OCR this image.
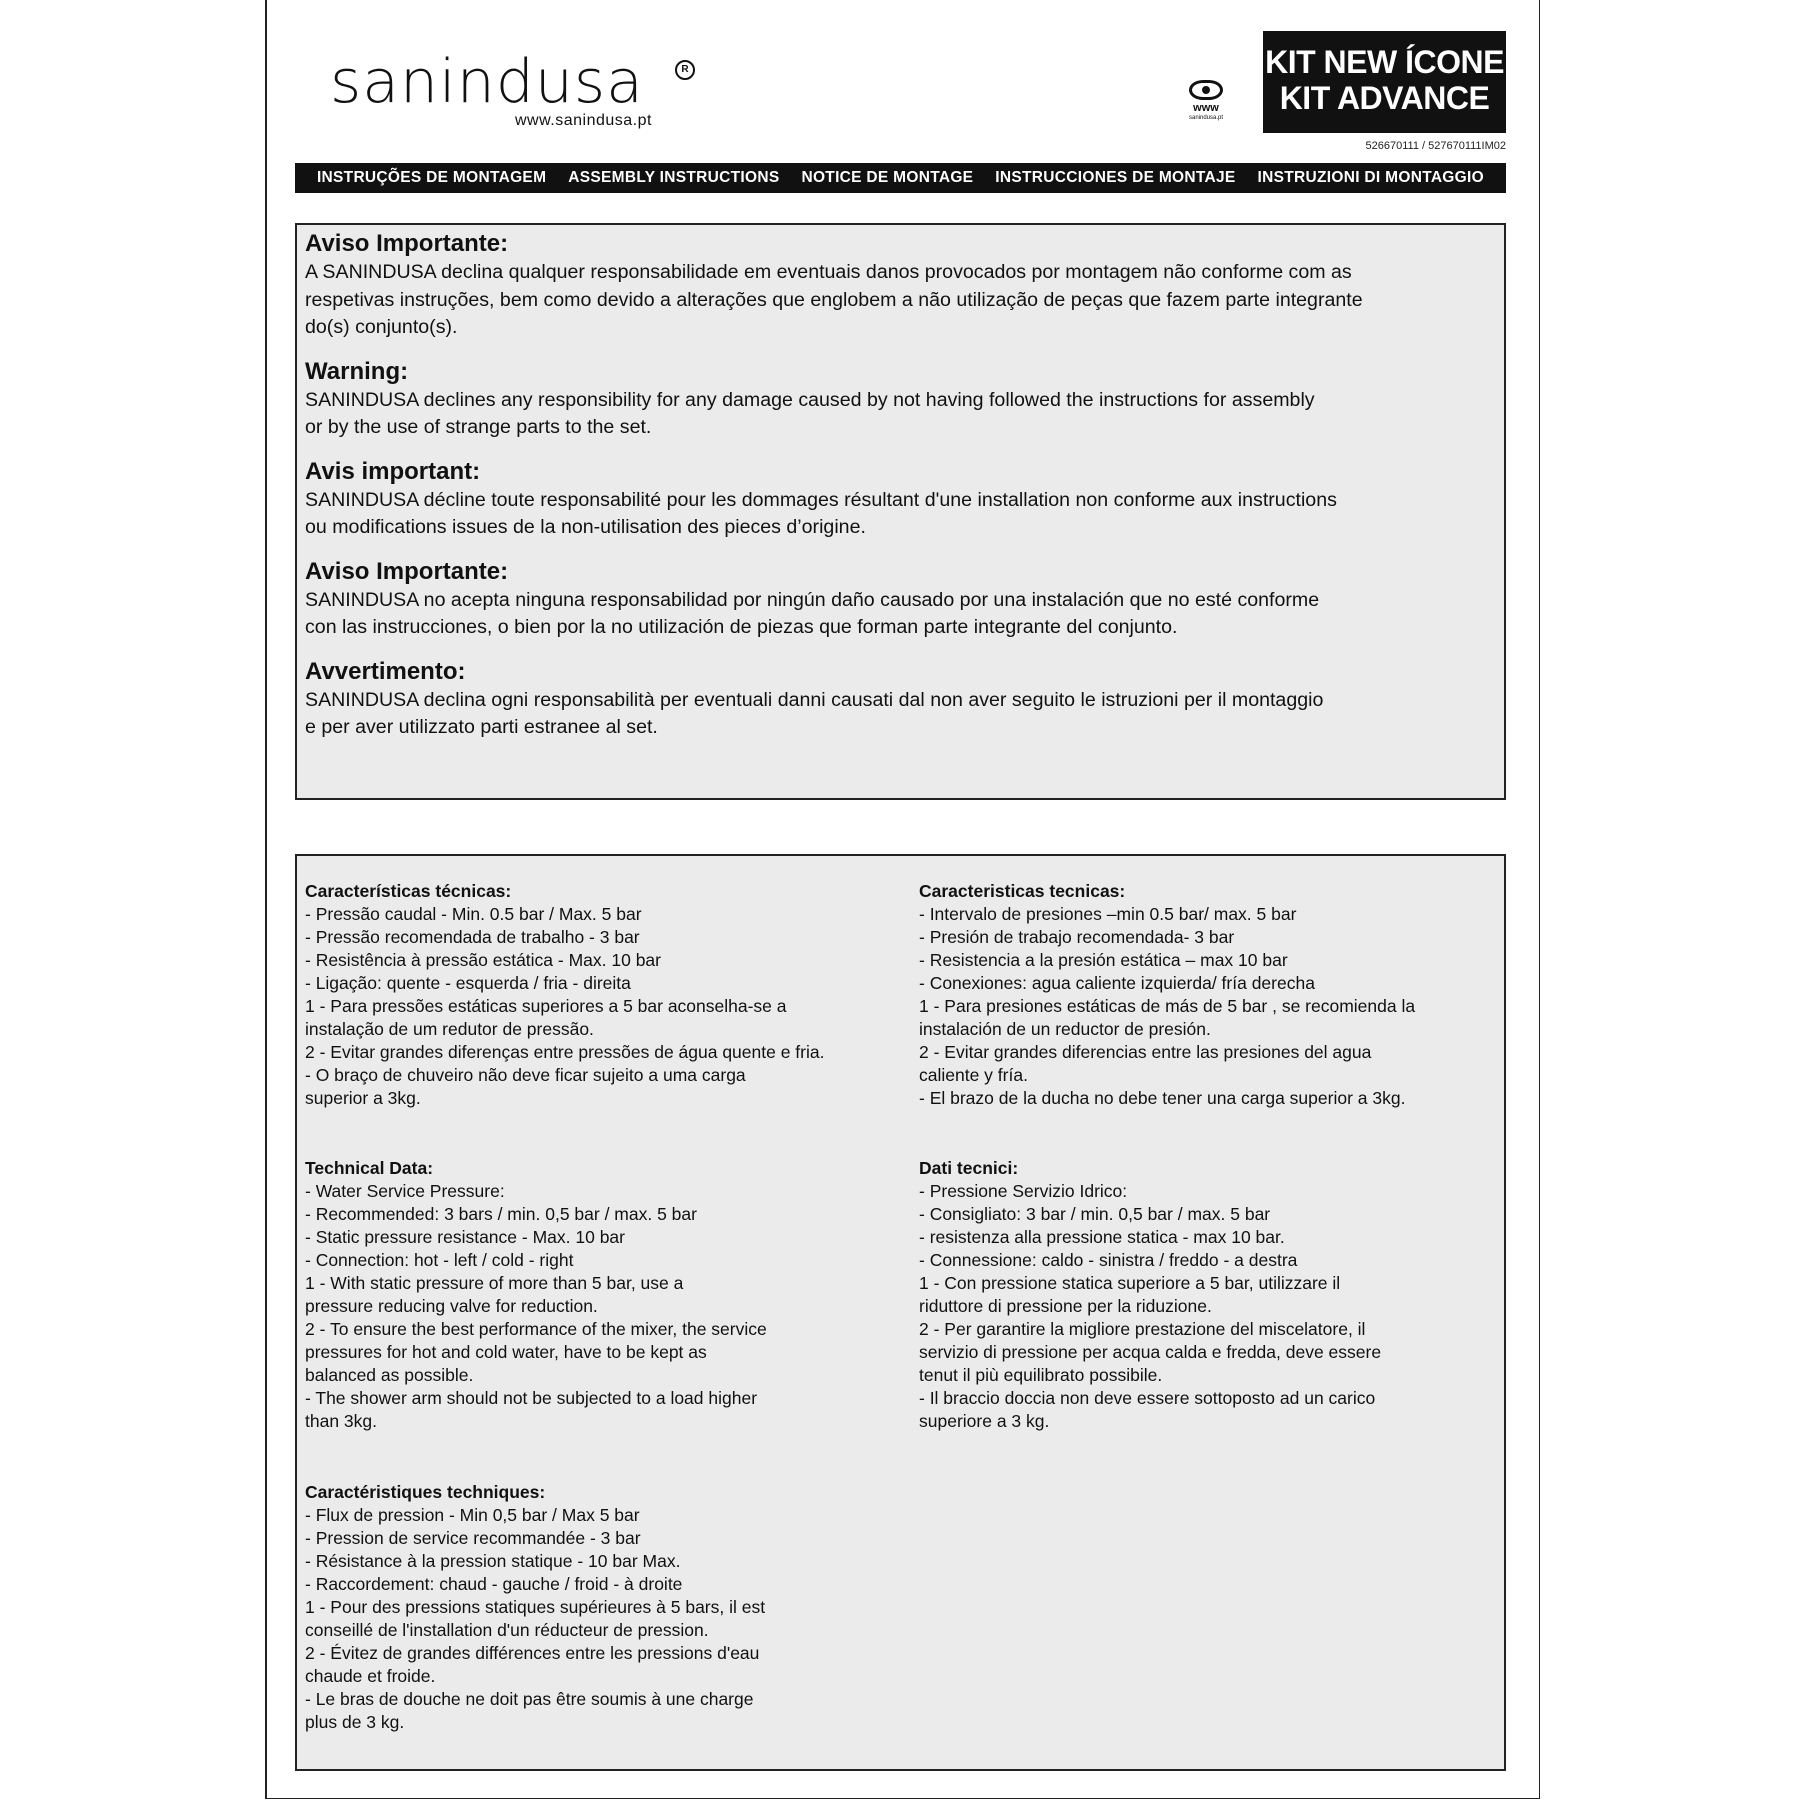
sanindusa	R
www.sanindusa.pt
www
sanindusa.pt
KIT NEW ÍCONE
KIT ADVANCE
526670111 / 527670111IM02
INSTRUÇÕES DE MONTAGEM ASSEMBLY INSTRUCTIONS NOTICE DE MONTAGE INSTRUCCIONES DE MONTAJE INSTRUZIONI DI MONTAGGIO

Aviso Importante:

A SANINDUSA declina qualquer responsabilidade em eventuais danos provocados por montagem não conforme com as
respetivas instruções, bem como devido a alterações que englobem a não utilização de peças que fazem parte integrante
do(s) conjunto(s).

Warning:

SANINDUSA declines any responsibility for any damage caused by not having followed the instructions for assembly
or by the use of strange parts to the set.

Avis important:

SANINDUSA décline toute responsabilité pour les dommages résultant d'une installation non conforme aux instructions
ou modifications issues de la non-utilisation des pieces d’origine.

Aviso Importante:

SANINDUSA no acepta ninguna responsabilidad por ningún daño causado por una instalación que no esté conforme
con las instrucciones, o bien por la no utilización de piezas que forman parte integrante del conjunto.

Avvertimento:

SANINDUSA declina ogni responsabilità per eventuali danni causati dal non aver seguito le istruzioni per il montaggio
e per aver utilizzato parti estranee al set.

Características técnicas:

- Pressão caudal - Min. 0.5 bar / Max. 5 bar

- Pressão recomendada de trabalho - 3 bar

- Resistência à pressão estática - Max. 10 bar

- Ligação: quente - esquerda / fria - direita

1 - Para pressões estáticas superiores a 5 bar aconselha-se a

instalação de um redutor de pressão.

2 - Evitar grandes diferenças entre pressões de água quente e fria.

- O braço de chuveiro não deve ficar sujeito a uma carga

superior a 3kg.

Caracteristicas tecnicas:

- Intervalo de presiones –min 0.5 bar/ max. 5 bar

- Presión de trabajo recomendada- 3 bar

- Resistencia a la presión estática – max 10 bar

- Conexiones: agua caliente izquierda/ fría derecha

1 - Para presiones estáticas de más de 5 bar , se recomienda la

instalación de un reductor de presión.

2 - Evitar grandes diferencias entre las presiones del agua

caliente y fría.

- El brazo de la ducha no debe tener una carga superior a 3kg.

Technical Data:

- Water Service Pressure:

- Recommended: 3 bars / min. 0,5 bar / max. 5 bar

- Static pressure resistance - Max. 10 bar

- Connection: hot - left / cold - right

1 - With static pressure of more than 5 bar, use a

pressure reducing valve for reduction.

2 - To ensure the best performance of the mixer, the service

pressures for hot and cold water, have to be kept as

balanced as possible.

- The shower arm should not be subjected to a load higher

than 3kg.

Dati tecnici:

- Pressione Servizio Idrico:

- Consigliato: 3 bar / min. 0,5 bar / max. 5 bar

- resistenza alla pressione statica - max 10 bar.

- Connessione: caldo - sinistra / freddo - a destra

1 - Con pressione statica superiore a 5 bar, utilizzare il

riduttore di pressione per la riduzione.

2 - Per garantire la migliore prestazione del miscelatore, il

servizio di pressione per acqua calda e fredda, deve essere

tenut il più equilibrato possibile.

- Il braccio doccia non deve essere sottoposto ad un carico

superiore a 3 kg.

Caractéristiques techniques:

- Flux de pression - Min 0,5 bar / Max 5 bar

- Pression de service recommandée - 3 bar

- Résistance à la pression statique - 10 bar Max.

- Raccordement: chaud - gauche / froid - à droite

1 - Pour des pressions statiques supérieures à 5 bars, il est

conseillé de l'installation d'un réducteur de pression.

2 - Évitez de grandes différences entre les pressions d'eau

chaude et froide.

- Le bras de douche ne doit pas être soumis à une charge

plus de 3 kg.
